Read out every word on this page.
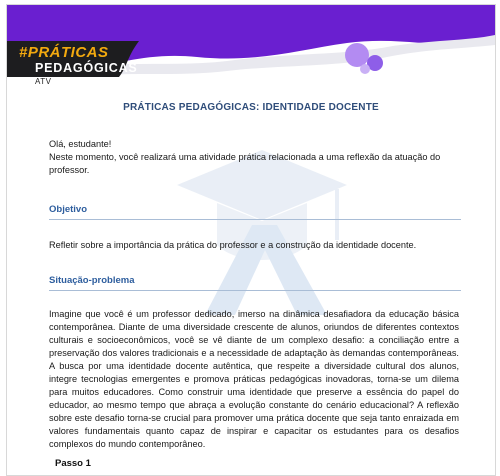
#PRÁTICAS
PEDAGÓGICAS
ATV
PRÁTICAS PEDAGÓGICAS: IDENTIDADE DOCENTE

Olá, estudante!

Neste momento, você realizará uma atividade prática relacionada a uma reflexão da atuação do professor.

Objetivo
Refletir sobre a importância da prática do professor e a construção da identidade docente.
Situação-problema
Imagine que você é um professor dedicado, imerso na dinâmica desafiadora da educação básica contemporânea. Diante de uma diversidade crescente de alunos, oriundos de diferentes contextos culturais e socioeconômicos, você se vê diante de um complexo desafio: a conciliação entre a preservação dos valores tradicionais e a necessidade de adaptação às demandas contemporâneas. A busca por uma identidade docente autêntica, que respeite a diversidade cultural dos alunos, integre tecnologias emergentes e promova práticas pedagógicas inovadoras, torna-se um dilema para muitos educadores. Como construir uma identidade que preserve a essência do papel do educador, ao mesmo tempo que abraça a evolução constante do cenário educacional? A reflexão sobre este desafio torna-se crucial para promover uma prática docente que seja tanto enraizada em valores fundamentais quanto capaz de inspirar e capacitar os estudantes para os desafios complexos do mundo contemporâneo.
Passo 1
